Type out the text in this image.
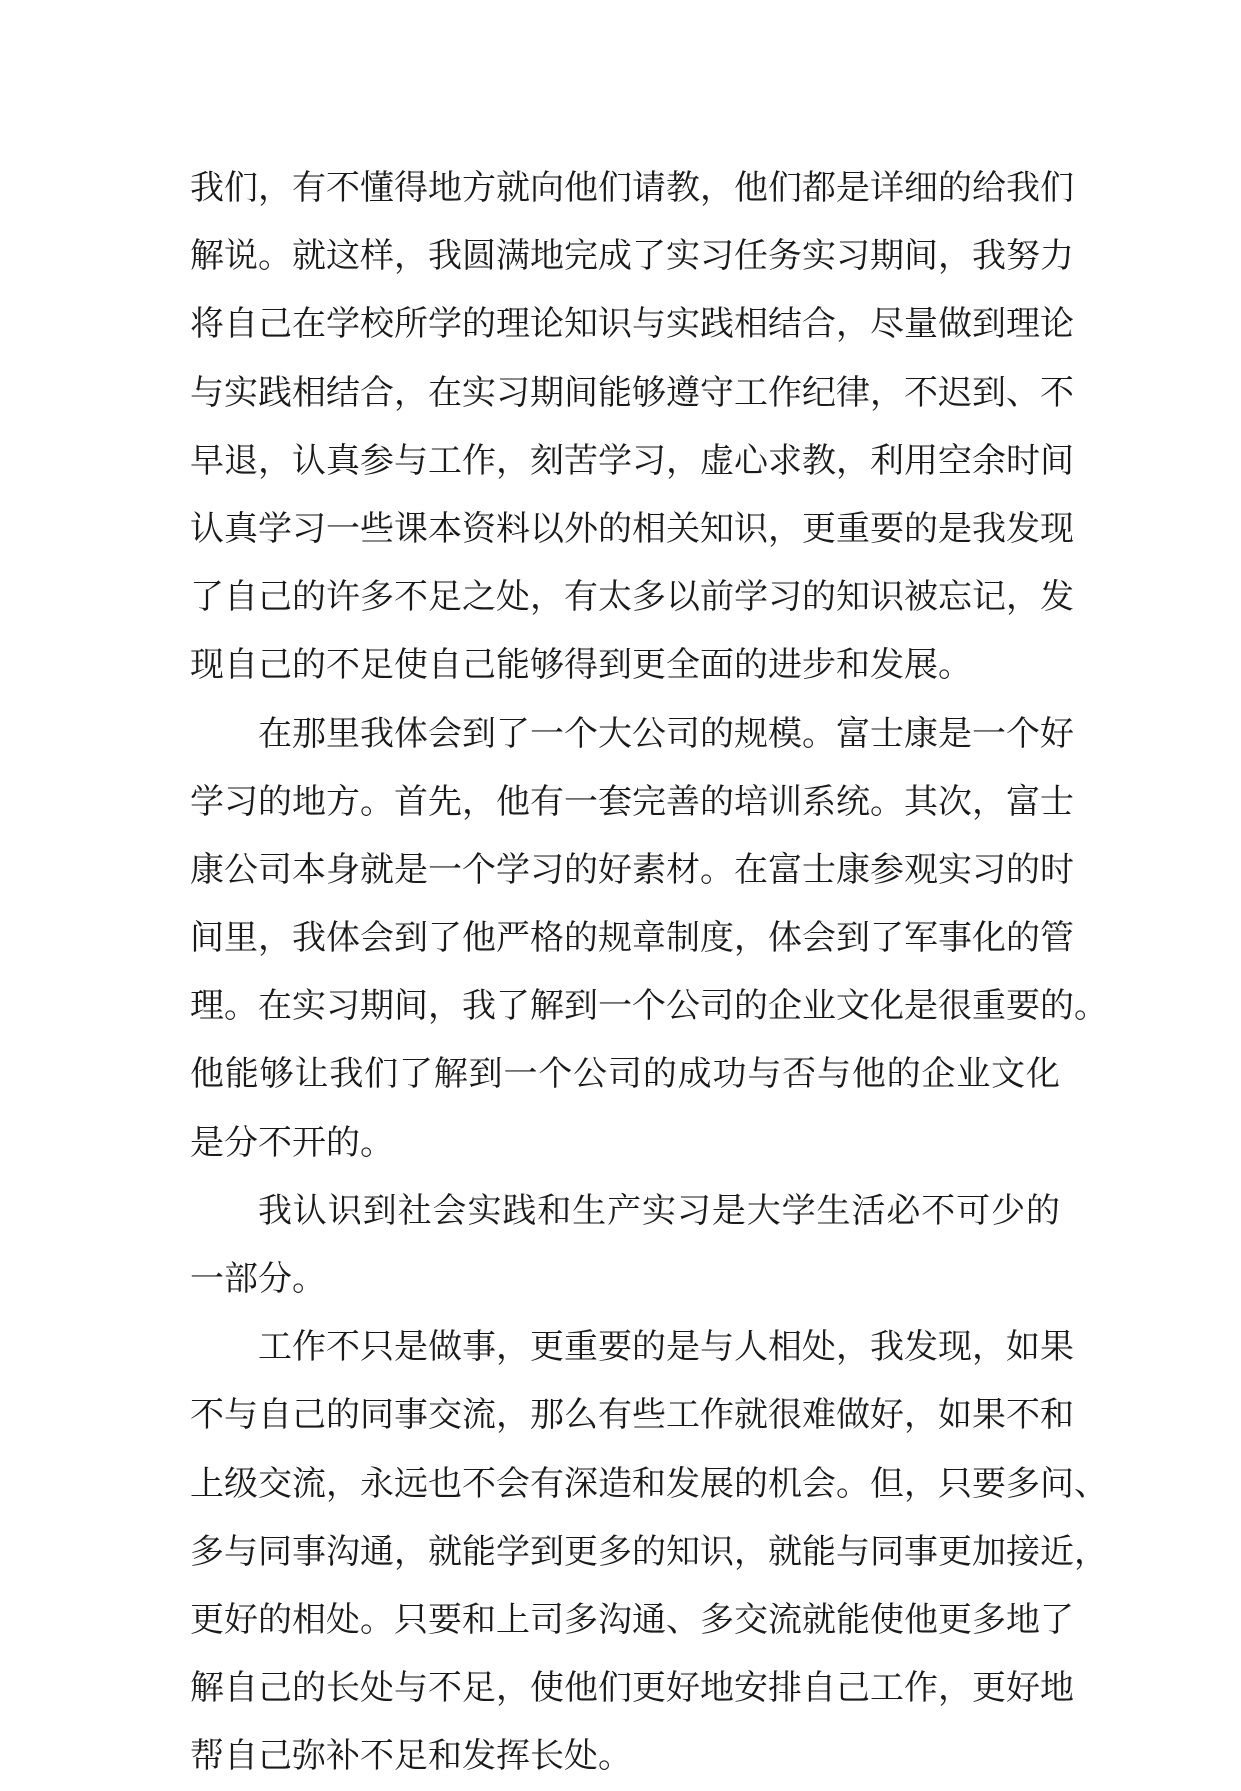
我们，有不懂得地方就向他们请教，他们都是详细的给我们
解说。就这样，我圆满地完成了实习任务实习期间，我努力
将自己在学校所学的理论知识与实践相结合，尽量做到理论
与实践相结合，在实习期间能够遵守工作纪律，不迟到、不
早退，认真参与工作，刻苦学习，虚心求教，利用空余时间
认真学习一些课本资料以外的相关知识，更重要的是我发现
了自己的许多不足之处，有太多以前学习的知识被忘记，发
现自己的不足使自己能够得到更全面的进步和发展。
在那里我体会到了一个大公司的规模。富士康是一个好
学习的地方。首先，他有一套完善的培训系统。其次，富士
康公司本身就是一个学习的好素材。在富士康参观实习的时
间里，我体会到了他严格的规章制度，体会到了军事化的管
理。在实习期间，我了解到一个公司的企业文化是很重要的。
他能够让我们了解到一个公司的成功与否与他的企业文化
是分不开的。
我认识到社会实践和生产实习是大学生活必不可少的
一部分。
工作不只是做事，更重要的是与人相处，我发现，如果
不与自己的同事交流，那么有些工作就很难做好，如果不和
上级交流，永远也不会有深造和发展的机会。但，只要多问、
多与同事沟通，就能学到更多的知识，就能与同事更加接近，
更好的相处。只要和上司多沟通、多交流就能使他更多地了
解自己的长处与不足，使他们更好地安排自己工作，更好地
帮自己弥补不足和发挥长处。
